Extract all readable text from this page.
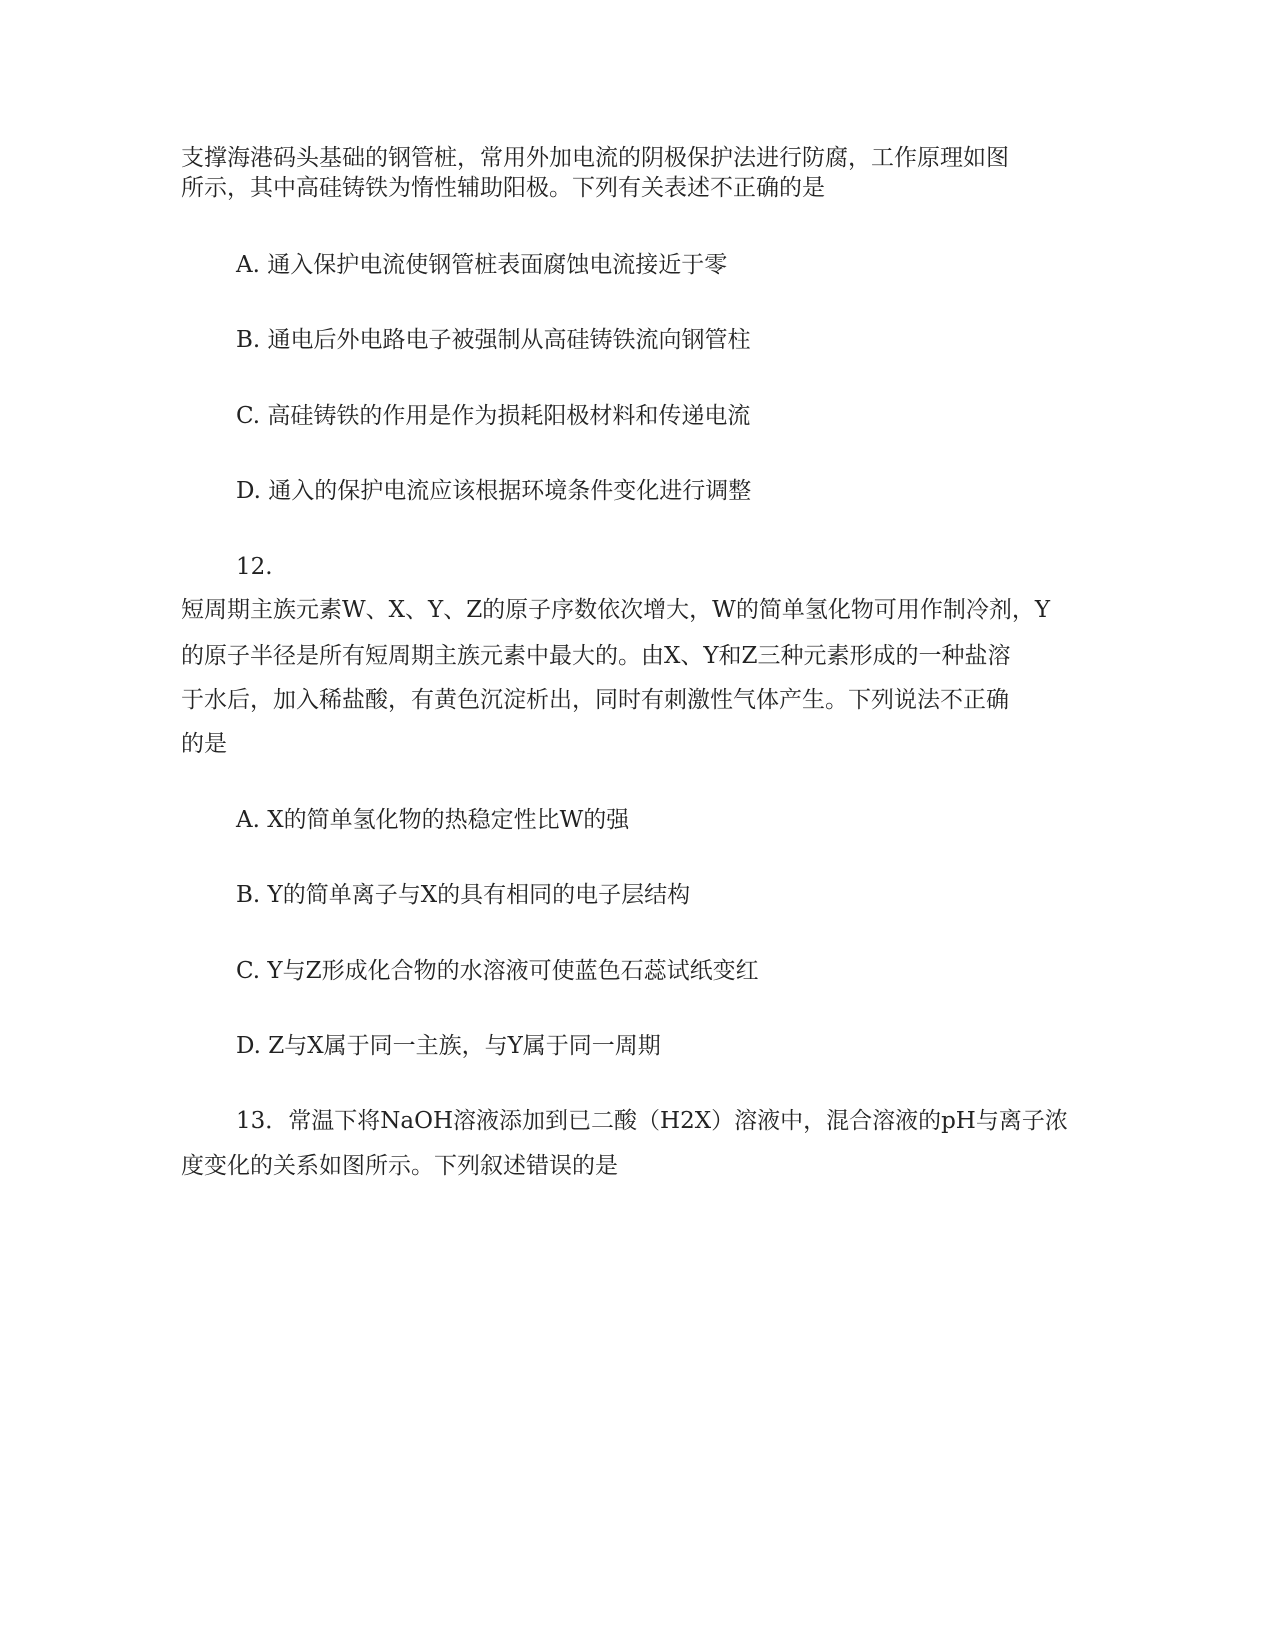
支撑海港码头基础的钢管桩，常用外加电流的阴极保护法进行防腐，工作原理如图
所示，其中高硅铸铁为惰性辅助阳极。下列有关表述不正确的是
A. 通入保护电流使钢管桩表面腐蚀电流接近于零
B. 通电后外电路电子被强制从高硅铸铁流向钢管柱
C. 高硅铸铁的作用是作为损耗阳极材料和传递电流
D. 通入的保护电流应该根据环境条件变化进行调整
12.
短周期主族元素W、X、Y、Z的原子序数依次增大，W的简单氢化物可用作制冷剂，Y
的原子半径是所有短周期主族元素中最大的。由X、Y和Z三种元素形成的一种盐溶
于水后，加入稀盐酸，有黄色沉淀析出，同时有刺激性气体产生。下列说法不正确
的是
A. X的简单氢化物的热稳定性比W的强
B. Y的简单离子与X的具有相同的电子层结构
C. Y与Z形成化合物的水溶液可使蓝色石蕊试纸变红
D. Z与X属于同一主族，与Y属于同一周期
13．常温下将NaOH溶液添加到已二酸（H2X）溶液中，混合溶液的pH与离子浓
度变化的关系如图所示。下列叙述错误的是
